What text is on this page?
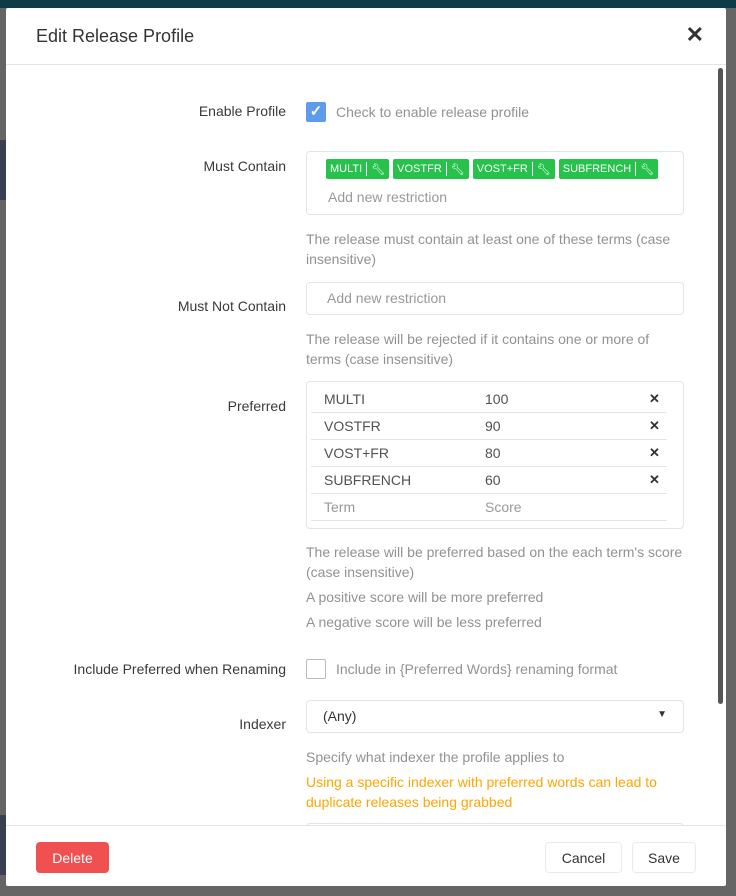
Edit Release Profile	✕
Enable Profile ✓ Check to enable release profile
Must Contain	MULTI 🔧︎ VOSTFR 🔧︎ VOST+FR 🔧︎ SUBFRENCH 🔧︎
Add new restriction
The release must contain at least one of these terms (case insensitive)
Must Not Contain	Add new restriction
The release will be rejected if it contains one or more of terms (case insensitive)
Preferred	MULTI	100	✕
VOSTFR	90	✕
VOST+FR	80	✕
SUBFRENCH	60	✕
Term	Score
The release will be preferred based on the each term's score (case insensitive)
A positive score will be more preferred
A negative score will be less preferred
Include Preferred when Renaming	Include in {Preferred Words} renaming format
Indexer	(Any)	▼
Specify what indexer the profile applies to
Using a specific indexer with preferred words can lead to duplicate releases being grabbed
Delete	Cancel	Save
